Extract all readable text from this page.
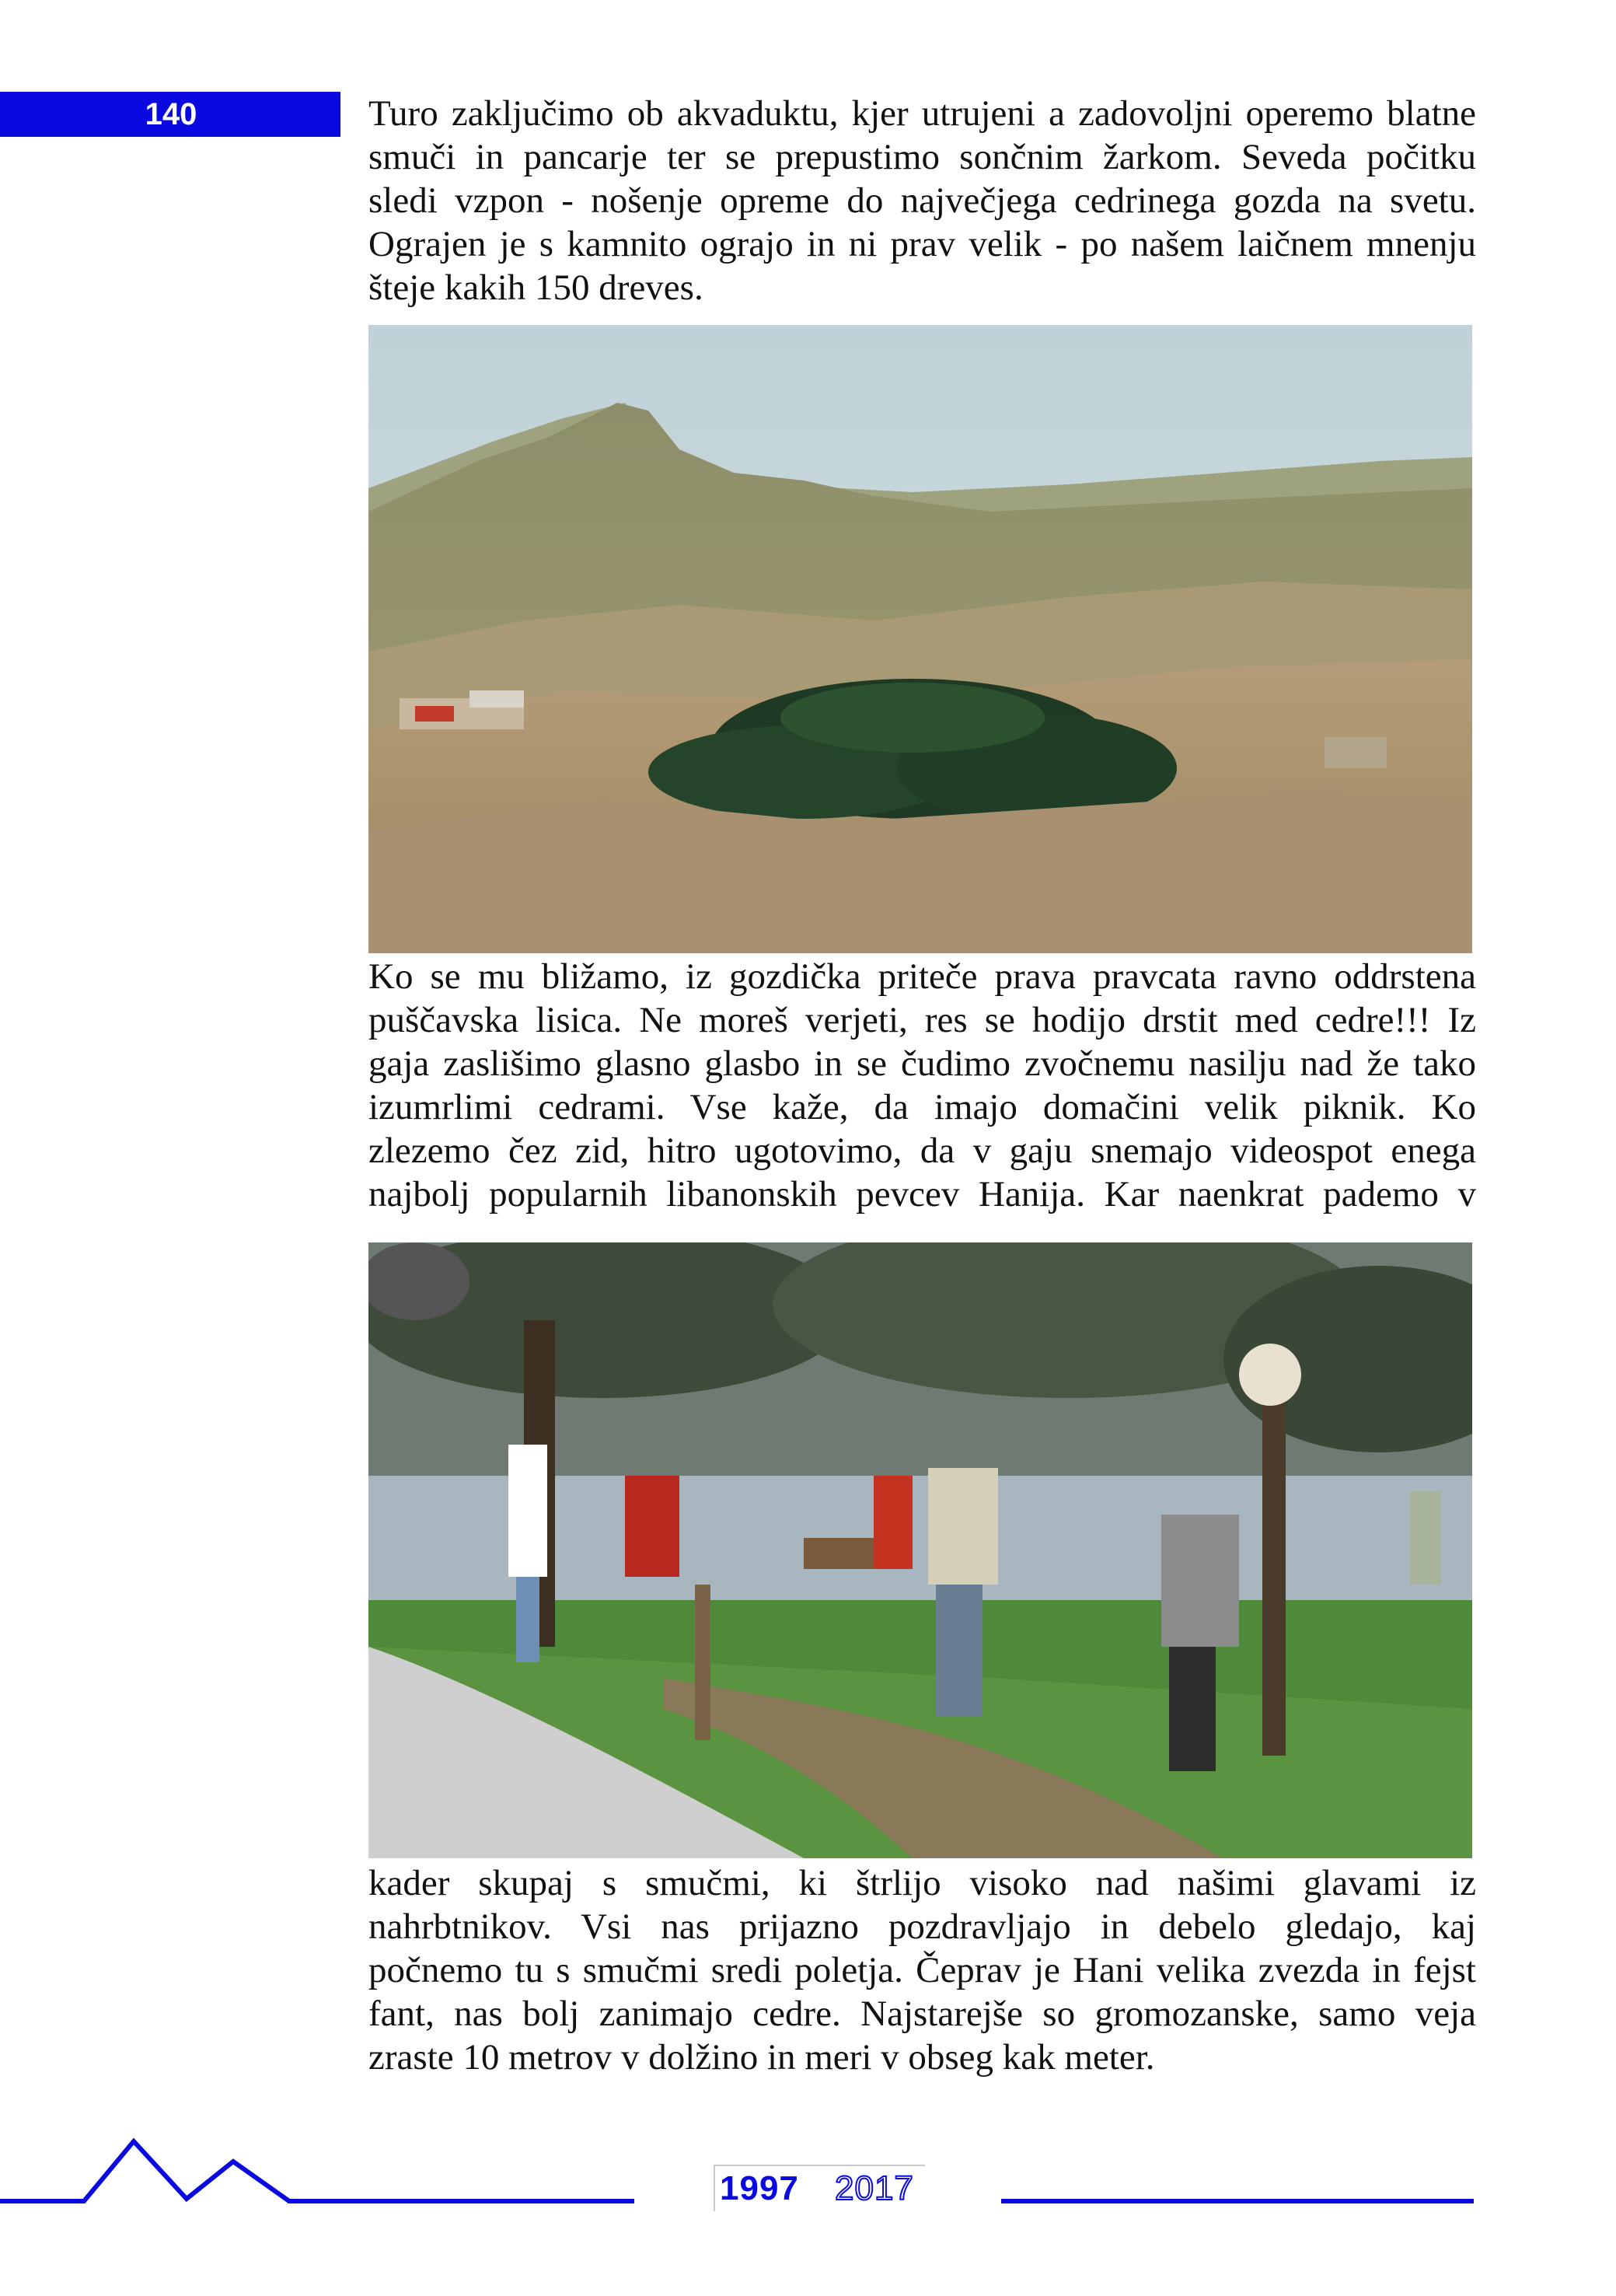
140	Turo zaključimo ob akvaduktu, kjer utrujeni a zadovoljni operemo blatne
smuči in pancarje ter se prepustimo sončnim žarkom. Seveda počitku
sledi vzpon - nošenje opreme do največjega cedrinega gozda na svetu.
Ograjen je s kamnito ograjo in ni prav velik - po našem laičnem mnenju
šteje kakih 150 dreves.

Ko se mu bližamo, iz gozdička priteče prava pravcata ravno oddrstena
puščavska lisica. Ne moreš verjeti, res se hodijo drstit med cedre!!! Iz
gaja zaslišimo glasno glasbo in se čudimo zvočnemu nasilju nad že tako
izumrlimi cedrami. Vse kaže, da imajo domačini velik piknik. Ko
zlezemo čez zid, hitro ugotovimo, da v gaju snemajo videospot enega
najbolj popularnih libanonskih pevcev Hanija. Kar naenkrat pademo v

kader skupaj s smučmi, ki štrlijo visoko nad našimi glavami iz
nahrbtnikov. Vsi nas prijazno pozdravljajo in debelo gledajo, kaj
počnemo tu s smučmi sredi poletja. Čeprav je Hani velika zvezda in fejst
fant, nas bolj zanimajo cedre. Najstarejše so gromozanske, samo veja
zraste 10 metrov v dolžino in meri v obseg kak meter.

1997 2017
